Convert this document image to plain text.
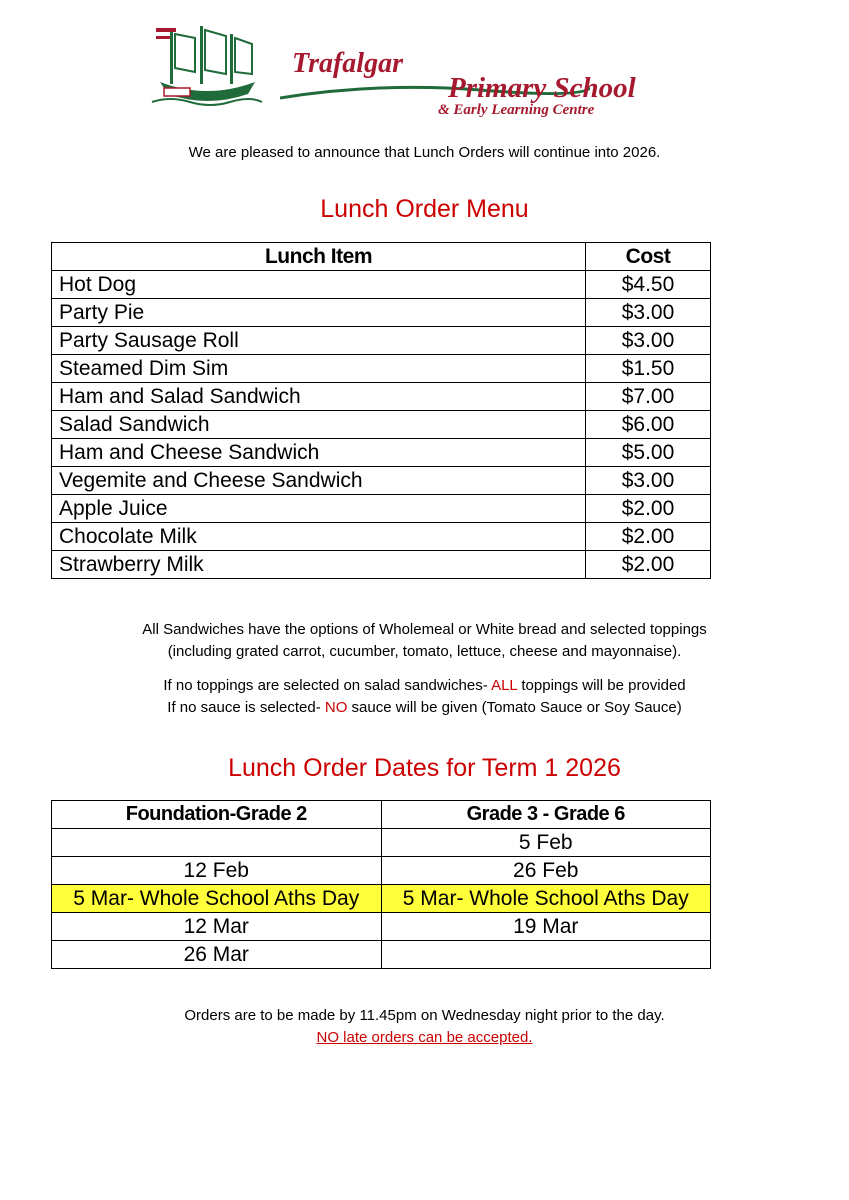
Trafalgar
Primary School
& Early Learning Centre
We are pleased to announce that Lunch Orders will continue into 2026.
Lunch Order Menu
Lunch Item	Cost
Hot Dog	$4.50
Party Pie	$3.00
Party Sausage Roll	$3.00
Steamed Dim Sim	$1.50
Ham and Salad Sandwich	$7.00
Salad Sandwich	$6.00
Ham and Cheese Sandwich	$5.00
Vegemite and Cheese Sandwich	$3.00
Apple Juice	$2.00
Chocolate Milk	$2.00
Strawberry Milk	$2.00
All Sandwiches have the options of Wholemeal or White bread and selected toppings
(including grated carrot, cucumber, tomato, lettuce, cheese and mayonnaise).
If no toppings are selected on salad sandwiches- ALL toppings will be provided
If no sauce is selected- NO sauce will be given (Tomato Sauce or Soy Sauce)
Lunch Order Dates for Term 1 2026
Foundation-Grade 2	Grade 3 - Grade 6
	5 Feb
12 Feb	26 Feb
5 Mar- Whole School Aths Day	5 Mar- Whole School Aths Day
12 Mar	19 Mar
26 Mar	
Orders are to be made by 11.45pm on Wednesday night prior to the day.
NO late orders can be accepted.
